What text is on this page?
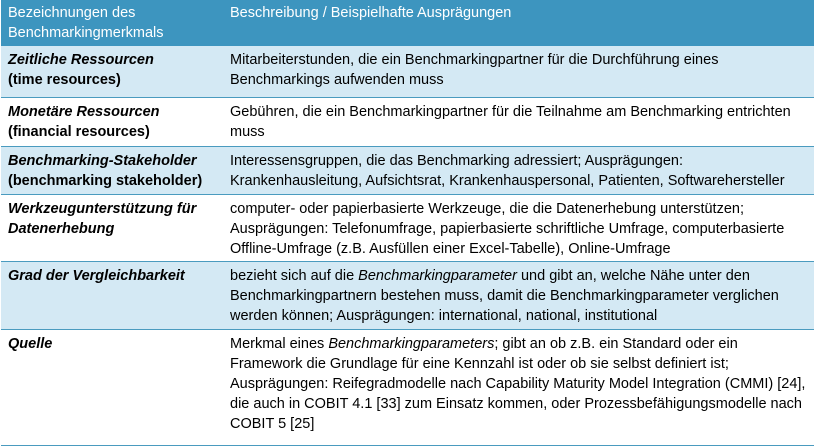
Bezeichnungen des Benchmarkingmerkmals
Beschreibung / Beispielhafte Ausprägungen
Zeitliche Ressourcen
(time resources)
Mitarbeiterstunden, die ein Benchmarkingpartner für die Durchführung eines Benchmarkings aufwenden muss
Monetäre Ressourcen
(financial resources)
Gebühren, die ein Benchmarkingpartner für die Teilnahme am Benchmarking entrichten muss
Benchmarking-Stakeholder
(benchmarking stakeholder)
Interessensgruppen, die das Benchmarking adressiert; Ausprägungen: Krankenhausleitung, Aufsichtsrat, Krankenhauspersonal, Patienten, Softwarehersteller
Werkzeugunterstützung für Datenerhebung
computer- oder papierbasierte Werkzeuge, die die Datenerhebung unterstützen; Ausprägungen: Telefonumfrage, papierbasierte schriftliche Umfrage, computerbasierte Offline-Umfrage (z.B. Ausfüllen einer Excel-Tabelle), Online-Umfrage
Grad der Vergleichbarkeit	bezieht sich auf die Benchmarkingparameter und gibt an, welche Nähe unter den Benchmarkingpartnern bestehen muss, damit die Benchmarkingparameter verglichen werden können; Ausprägungen: international, national, institutional
Quelle	Merkmal eines Benchmarkingparameters; gibt an ob z.B. ein Standard oder ein Framework die Grundlage für eine Kennzahl ist oder ob sie selbst definiert ist; Ausprägungen: Reifegradmodelle nach Capability Maturity Model Integration (CMMI) [24], die auch in COBIT 4.1 [33] zum Einsatz kommen, oder Prozessbefähigungsmodelle nach COBIT 5 [25]
